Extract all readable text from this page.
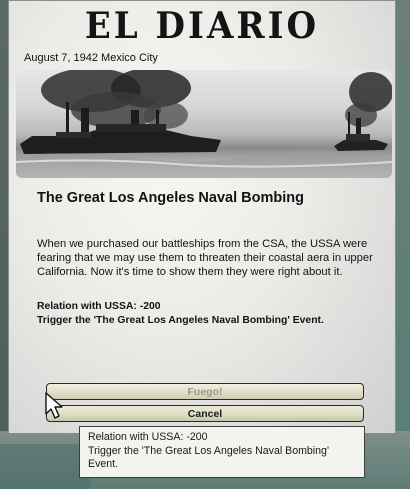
EL DIARIO
August 7, 1942 Mexico City
The Great Los Angeles Naval Bombing
When we purchased our battleships from the CSA, the USSA were fearing that we may use them to threaten their coastal aera in upper California. Now it's time to show them they were right about it.
Relation with USSA: -200
Trigger the 'The Great Los Angeles Naval Bombing' Event.
Fuego!
Cancel
Relation with USSA: -200
Trigger the 'The Great Los Angeles Naval Bombing' Event.
